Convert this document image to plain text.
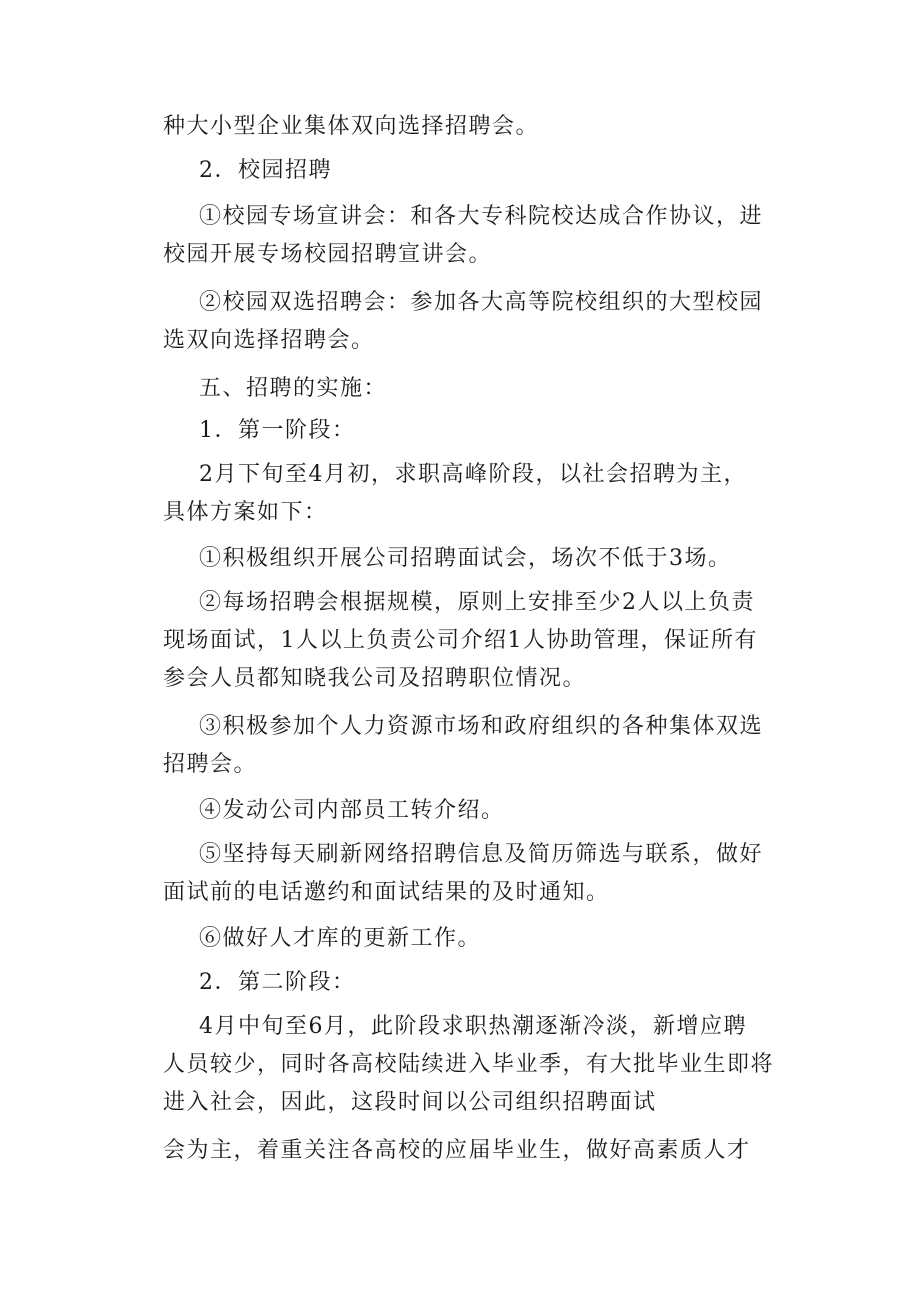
种大小型企业集体双向选择招聘会。

2．校园招聘

①校园专场宣讲会：和各大专科院校达成合作协议，进

校园开展专场校园招聘宣讲会。

②校园双选招聘会：参加各大高等院校组织的大型校园

选双向选择招聘会。

五、招聘的实施：

1．第一阶段：

2月下旬至4月初，求职高峰阶段，以社会招聘为主，

具体方案如下：

①积极组织开展公司招聘面试会，场次不低于3场。

②每场招聘会根据规模，原则上安排至少2人以上负责

现场面试，1人以上负责公司介绍1人协助管理，保证所有

参会人员都知晓我公司及招聘职位情况。

③积极参加个人力资源市场和政府组织的各种集体双选

招聘会。

④发动公司内部员工转介绍。

⑤坚持每天刷新网络招聘信息及简历筛选与联系，做好

面试前的电话邀约和面试结果的及时通知。

⑥做好人才库的更新工作。

2．第二阶段：

4月中旬至6月，此阶段求职热潮逐渐冷淡，新增应聘

人员较少，同时各高校陆续进入毕业季，有大批毕业生即将

进入社会，因此，这段时间以公司组织招聘面试

会为主，着重关注各高校的应届毕业生，做好高素质人才
